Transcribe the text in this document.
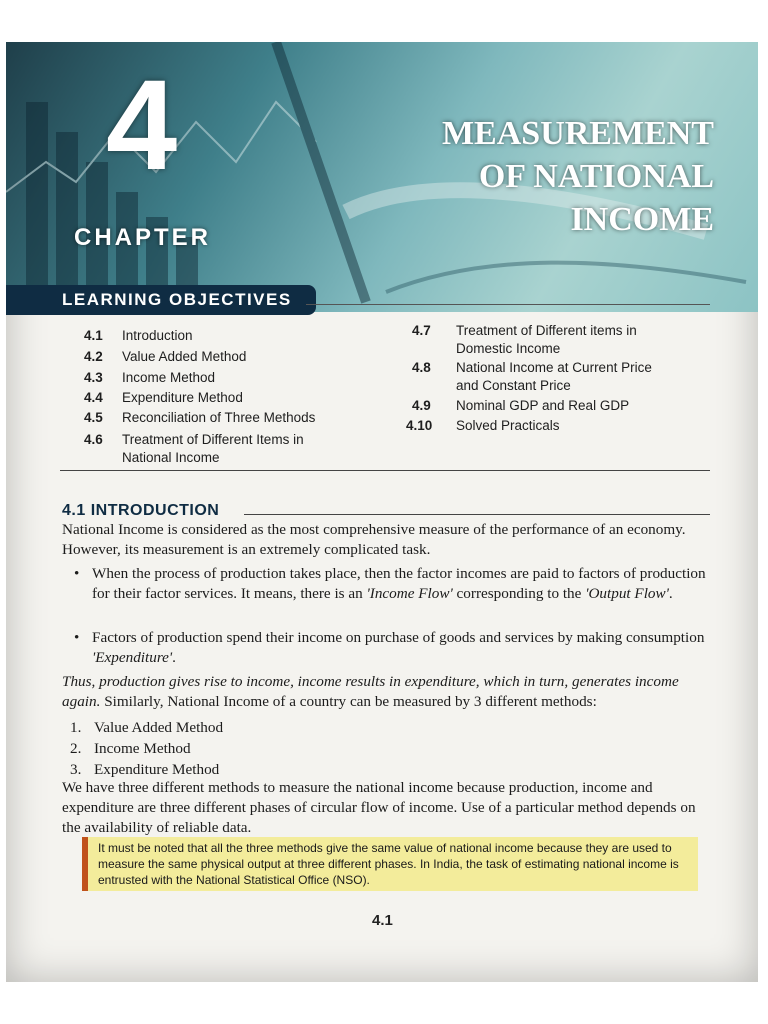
4
CHAPTER
MEASUREMENT
OF NATIONAL
INCOME
LEARNING OBJECTIVES
4.1 Introduction
4.2 Value Added Method
4.3 Income Method
4.4 Expenditure Method
4.5 Reconciliation of Three Methods
4.6 Treatment of Different Items in
National Income
4.7 Treatment of Different items in
Domestic Income
4.8 National Income at Current Price
and Constant Price
4.9 Nominal GDP and Real GDP
4.10 Solved Practicals
4.1 INTRODUCTION
National Income is considered as the most comprehensive measure of the performance of an economy. However, its measurement is an extremely complicated task.
• When the process of production takes place, then the factor incomes are paid to factors of production for their factor services. It means, there is an 'Income Flow' corresponding to the 'Output Flow'.
• Factors of production spend their income on purchase of goods and services by making consumption 'Expenditure'.
Thus, production gives rise to income, income results in expenditure, which in turn, generates income again. Similarly, National Income of a country can be measured by 3 different methods:
1. Value Added Method
2. Income Method
3. Expenditure Method
We have three different methods to measure the national income because production, income and expenditure are three different phases of circular flow of income. Use of a particular method depends on the availability of reliable data.
It must be noted that all the three methods give the same value of national income because they are used to measure the same physical output at three different phases. In India, the task of estimating national income is entrusted with the National Statistical Office (NSO).
4.1
